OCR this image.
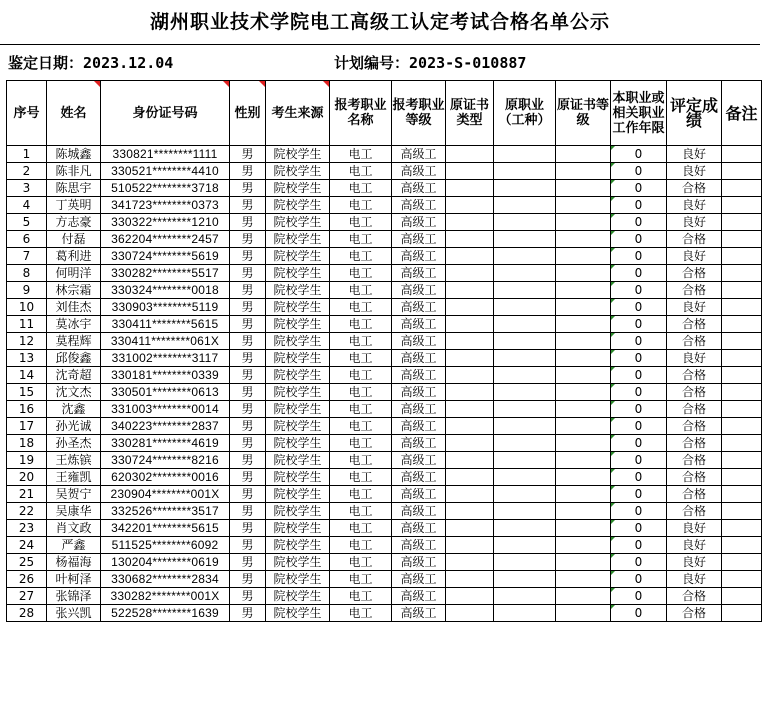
湖州职业技术学院电工高级工认定考试合格名单公示
鉴定日期：2023.12.04	计划编号：2023-S-010887
序号	姓名	身份证号码	性别	考生来源	报考职业名称	报考职业等级	原证书类型	原职业（工种）	原证书等级	本职业或相关职业工作年限	评定成绩	备注
1	陈城鑫	330821********1111	男	院校学生	电工	高级工				0	良好	
2	陈非凡	330521********4410	男	院校学生	电工	高级工				0	良好	
3	陈思宇	510522********3718	男	院校学生	电工	高级工				0	合格	
4	丁英明	341723********0373	男	院校学生	电工	高级工				0	良好	
5	方志豪	330322********1210	男	院校学生	电工	高级工				0	良好	
6	付磊	362204********2457	男	院校学生	电工	高级工				0	合格	
7	葛利进	330724********5619	男	院校学生	电工	高级工				0	良好	
8	何明洋	330282********5517	男	院校学生	电工	高级工				0	合格	
9	林宗霜	330324********0018	男	院校学生	电工	高级工				0	合格	
10	刘佳杰	330903********5119	男	院校学生	电工	高级工				0	良好	
11	莫冰宇	330411********5615	男	院校学生	电工	高级工				0	合格	
12	莫程辉	330411********061X	男	院校学生	电工	高级工				0	合格	
13	邱俊鑫	331002********3117	男	院校学生	电工	高级工				0	良好	
14	沈奇超	330181********0339	男	院校学生	电工	高级工				0	合格	
15	沈文杰	330501********0613	男	院校学生	电工	高级工				0	合格	
16	沈鑫	331003********0014	男	院校学生	电工	高级工				0	合格	
17	孙光诚	340223********2837	男	院校学生	电工	高级工				0	合格	
18	孙圣杰	330281********4619	男	院校学生	电工	高级工				0	合格	
19	王炼镔	330724********8216	男	院校学生	电工	高级工				0	合格	
20	王雍凯	620302********0016	男	院校学生	电工	高级工				0	合格	
21	吴贺宁	230904********001X	男	院校学生	电工	高级工				0	合格	
22	吴康华	332526********3517	男	院校学生	电工	高级工				0	合格	
23	肖文政	342201********5615	男	院校学生	电工	高级工				0	良好	
24	严鑫	511525********6092	男	院校学生	电工	高级工				0	良好	
25	杨福海	130204********0619	男	院校学生	电工	高级工				0	良好	
26	叶柯泽	330682********2834	男	院校学生	电工	高级工				0	良好	
27	张锦泽	330282********001X	男	院校学生	电工	高级工				0	合格	
28	张兴凯	522528********1639	男	院校学生	电工	高级工				0	合格	
